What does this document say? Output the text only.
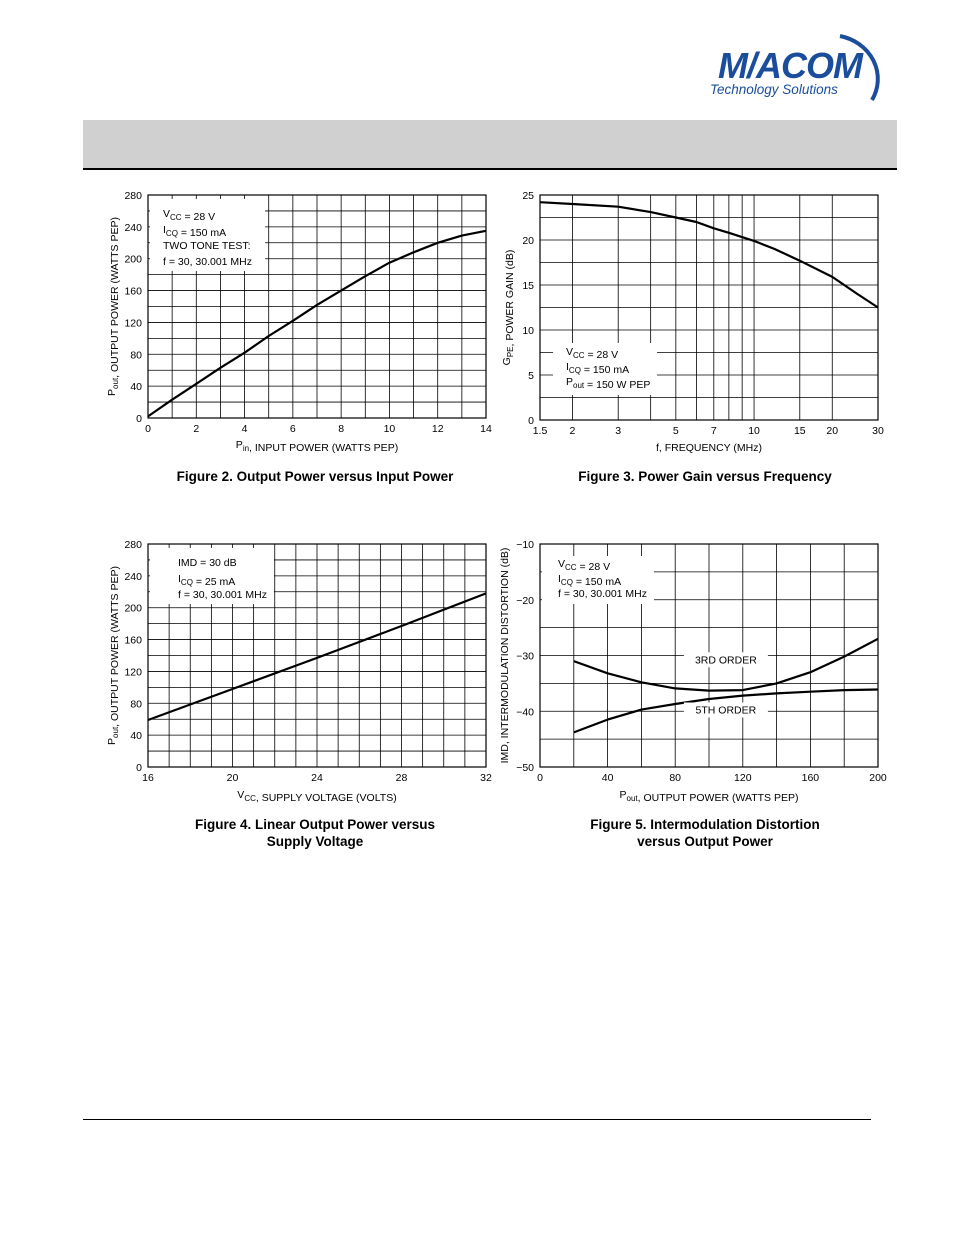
M/ACOM
Technology Solutions
0	2	4	6	8	10	12	14
0
40
80
120
160
200
240
280
$P_{in}$, INPUT POWER (WATTS PEP)
$P_{out}$, OUTPUT POWER (WATTS PEP)
$V_{CC} = 28$ V
$I_{CQ} = 150$ mA
TWO TONE TEST:
f = 30, 30.001 MHz
Figure 2. Output Power versus Input Power
1.5 2	3	5	7	10	15 20	30
0
5
10
15
20
25
f, FREQUENCY (MHz)
$G_{PE}$, POWER GAIN (dB)
$V_{CC} = 28$ V
$I_{CQ} = 150$ mA
$P_{out} = 150$ W PEP
Figure 3. Power Gain versus Frequency
16	20	24	28	32
0
40
80
120
160
200
240
280
$V_{CC}$, SUPPLY VOLTAGE (VOLTS)
$P_{out}$, OUTPUT POWER (WATTS PEP)
IMD = 30 dB
$I_{CQ} = 25$ mA
f = 30, 30.001 MHz
Figure 4. Linear Output Power versus
Supply Voltage
0	40	80	120	160	200
−50
−40
−30
−20
−10
$P_{out}$, OUTPUT POWER (WATTS PEP)
IMD, INTERMODULATION DISTORTION (dB)	$V_{CC} = 28$ V
$I_{CQ} = 150$ mA
f = 30, 30.001 MHz
3RD ORDER
5TH ORDER
Figure 5. Intermodulation Distortion
versus Output Power
